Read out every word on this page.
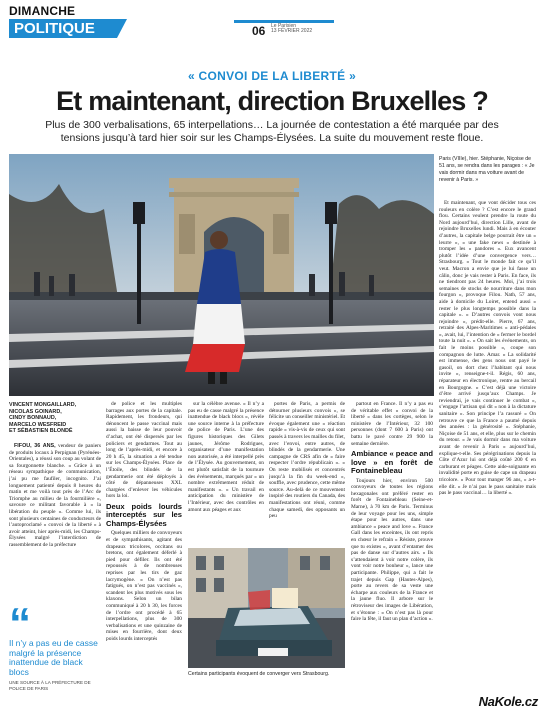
DIMANCHE
POLITIQUE	06 Le Parisien
13 FÉVRIER 2022
« CONVOI DE LA LIBERTÉ »
Et maintenant, direction Bruxelles ?
Plus de 300 verbalisations, 65 interpellations… La journée de contestation a été marquée par des tensions jusqu’à tard hier soir sur les Champs-Élysées. La suite du mouvement reste floue.
Paris (VIIIe), hier. Stéphanie, Niçoise de 51 ans, se rendra dans les parages : « Je vais dormir dans ma voiture avant de revenir à Paris. »

Et maintenant, que vont décider tous ces rouleurs en colère ? C’est encore le grand flou. Certains veulent prendre la route du Nord aujourd’hui, direction Lille, avant de rejoindre Bruxelles lundi. Mais à en écouter d’autres, la capitale belge pourrait être un « leurre », « une fake news » destinée à tromper les « pandores ». Eux avancent plutôt l’idée d’une convergence vers… Strasbourg. « Tout le monde fait ce qu’il veut. Macron a envie que je lui fasse un câlin, donc je vais rester à Paris. En face, ils ne tiendront pas 24 heures. Moi, j’ai trois semaines de stocks de nourriture dans mon fourgon », provoque Filou. Nath, 57 ans, aide à domicile du Loiret, entend aussi « rester le plus longtemps possible dans la capitale ». « D’autres convois vont nous rejoindre », prédit-elle. Pierre, 67 ans, retraité des Alpes-Maritimes « anti-pédales », avait, lui, l’intention de « fermer le bordel toute la nuit ». « On sait les événements, on fait le moins possible », coupe son compagnon de lutte. Amar. « La solidarité est immense, des gens nous ont payé le gasoil, on dort chez l’habitant qui nous invite », renseigne-t-il. Régis, 60 ans, réparateur en électronique, rentre au bercail en Bourgogne. « C’est déjà une victoire d’être arrivé jusqu’aux Champs. Je reviendrai, je vais continuer le combat », s’engage l’artisan qui dit « non à la dictature sanitaire ». Son principe l’a rassuré « On retrouve ce que la France a paumé depuis des années : la générosité ». Stéphanie, Niçoise de 51 ans, et elle, plus sur le chemin du retour. « Je vais dormir dans ma voiture avant de revenir à Paris » aujourd’hui, explique-t-elle. Ses pérégrinations depuis la Côte d’Azur lui ont déjà coûté 200 € en carburant et péages. Cette aide-soignante en invalidité porte en guise de cape un drapeau tricolore. « Pour tout manger 96 ans, » a-t-elle dit. « Je n’ai pas le pass sanitaire mais pas le pass vaccinal… la liberté ».

VINCENT MONGAILLARD,
NICOLAS GOINARD,
CINDY BONNAUD,
MARCELO WESFREID
ET SÉBASTIEN BLONDÉ

FIFOU, 36 ANS, vendeur de paniers de produits locaux à Perpignan (Pyrénées-Orientales), a réussi son coup au volant de sa fourgonnette blanche. « Grâce à un réseau sympathique de communication, j’ai pu me faufiler, incognito. J’ai longuement patienté depuis 8 heures du matin et me voilà tout près de l’Arc de Triomphe au milieu de la fourmilière », savoure ce militant favorable à « la libération du peuple ». Comme lui, ils sont plusieurs centaines de conducteurs de l’autoproclamé « convoi de la liberté » à avoir atteint, hier après-midi, les Champs-Élysées malgré l’interdiction de rassemblement de la préfecture

“
Il n’y a pas eu de casse malgré la présence inattendue de black blocs
UNE SOURCE À LA PRÉFECTURE DE POLICE DE PARIS

de police et les multiples barrages aux portes de la capitale. Rapidement, les frondeurs, qui dénoncent le passe vaccinal mais aussi la baisse de leur pouvoir d’achat, ont été dispersés par les policiers et gendarmes. Tout au long de l’après-midi, et encore à 20 h 45, la situation a été tendue sur les Champs-Élysées. Place de l’Étoile, des blindés de la gendarmerie ont été déployés à côté de dépanneuses XXL chargées d’enlever les véhicules hors la loi.

Deux poids lourds interceptés sur les Champs-Élysées

Quelques milliers de convoyeurs et de sympathisants, agitant des drapeaux tricolores, occitans ou bretons, ont également déferlé à pied pour défiler. Ils ont été repoussés à de nombreuses reprises par les tirs de gaz lacrymogène. « On n’est pas fatigués, on n’est pas vaccinés », scandent les plus motivés sous les klaxons. Selon un bilan communiqué à 20 h 30, les forces de l’ordre ont procédé à 65 interpellations, plus de 300 verbalisations et une quinzaine de mises en fourrière, dont deux poids lourds interceptés

sur la célèbre avenue. « Il n’y a pas eu de casse malgré la présence inattendue de black blocs », révèle une source interne à la préfecture de police de Paris. L’une des figures historiques des Gilets jaunes, Jérôme Rodrigues, organisateur d’une manifestation non autorisée, a été interpellé près de l’Élysée. Au gouvernement, on est plutôt satisfait de la tournure des événements, marqués par « un nombre extrêmement réduit de manifestants ». « Un travail en anticipation du ministère de l’Intérieur, avec des contrôles en amont aux péages et aux

portes de Paris, a permis de détourner plusieurs convois », se félicite un conseiller ministériel. Et évoque également une « réaction rapide » vis-à-vis de ceux qui sont passés à travers les mailles du filet, avec l’envoi, entre autres, de blindés de la gendarmerie. Une campagne de CRS afin de « faire respecter l’ordre républicain ». « On reste mobilisés et concentrés jusqu’à la fin du week-end », souffle, avec prudence, cette même source. Au-delà de ce mouvement inspiré des routiers du Canada, des manifestations ont réuni, comme chaque samedi, des opposants un peu

partout en France. Il n’y a pas eu de véritable effet « convoi de la liberté » dans les cortèges, selon le ministère de l’Intérieur, 32 100 personnes (dont 7 600 à Paris) ont battu le pavé contre 29 900 la semaine dernière.

Ambiance « peace and love » en forêt de Fontainebleau

Toujours hier, environ 500 convoyeurs de toutes les régions hexagonales ont préféré rester en forêt de Fontainebleau (Seine-et-Marne), à 70 km de Paris. Terminus de leur voyage pour les uns, simple étape pour les autres, dans une ambiance « peace and love ». France Gall dans les enceintes, ils ont repris en chœur le refrain « Résiste, prouve que tu existes », avant d’entamer des pas de danse sur d’autres airs. « Ils s’attendaient à voir notre colère, ils vont voir notre bonheur », lance une participante. Philippe, qui a fait le trajet depuis Gap (Hautes-Alpes), porte au revers de sa veste une écharpe aux couleurs de la France et la jaune fluo. Il arbore sur le rétroviseur des images de Libération, et s’étonne : « On n’est pas là pour faire la fête, il faut un plan d’action ».

Certains participants évoquent de converger vers Strasbourg.
NaKole.cz
